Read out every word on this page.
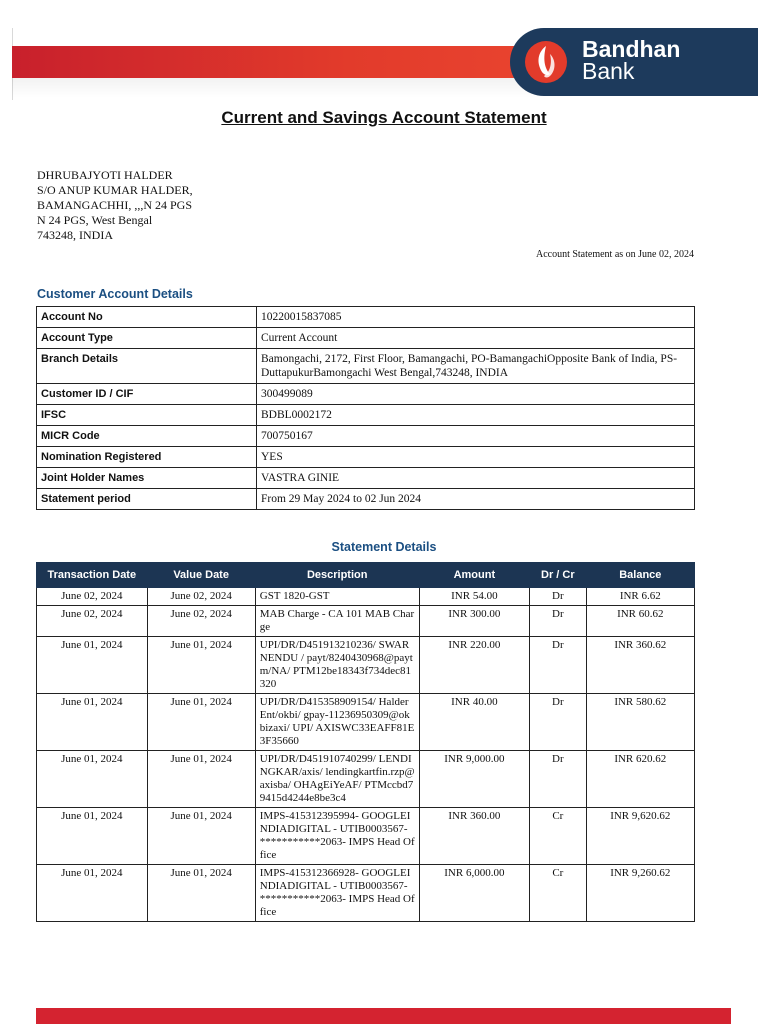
Bandhan
Bank
Current and Savings Account Statement
DHRUBAJYOTI HALDER
S/O ANUP KUMAR HALDER,
BAMANGACHHI, ,,,N 24 PGS
N 24 PGS, West Bengal
743248, INDIA
Account Statement as on June 02, 2024
Customer Account Details
Account No	10220015837085
Account Type	Current Account
Branch Details	Bamongachi, 2172, First Floor, Bamangachi, PO-BamangachiOpposite Bank of India, PS-DuttapukurBamongachi West Bengal,743248, INDIA
Customer ID / CIF	300499089
IFSC	BDBL0002172
MICR Code	700750167
Nomination Registered	YES
Joint Holder Names	VASTRA GINIE
Statement period	From 29 May 2024 to 02 Jun 2024
Statement Details
Transaction Date	Value Date	Description	Amount	Dr / Cr	Balance
June 02, 2024	June 02, 2024	GST 1820-GST	INR 54.00	Dr	INR 6.62
June 02, 2024	June 02, 2024	MAB Charge - CA 101 MAB Charge	INR 300.00	Dr	INR 60.62
June 01, 2024	June 01, 2024	UPI/DR/D451913210236/ SWARNENDU / payt/8240430968@paytm/NA/ PTM12be18343f734dec81320	INR 220.00	Dr	INR 360.62
June 01, 2024	June 01, 2024	UPI/DR/D415358909154/ Halder Ent/okbi/ gpay-11236950309@okbizaxi/ UPI/ AXISWC33EAFF81E3F35660	INR 40.00	Dr	INR 580.62
June 01, 2024	June 01, 2024	UPI/DR/D451910740299/ LENDINGKAR/axis/ lendingkartfin.rzp@axisba/ OHAgEiYeAF/ PTMccbd79415d4244e8be3c4	INR 9,000.00	Dr	INR 620.62
June 01, 2024	June 01, 2024	IMPS-415312395994- GOOGLEINDIADIGITAL - UTIB0003567- ***********2063- IMPS Head Office	INR 360.00	Cr	INR 9,620.62
June 01, 2024	June 01, 2024	IMPS-415312366928- GOOGLEINDIADIGITAL - UTIB0003567- ***********2063- IMPS Head Office	INR 6,000.00	Cr	INR 9,260.62
